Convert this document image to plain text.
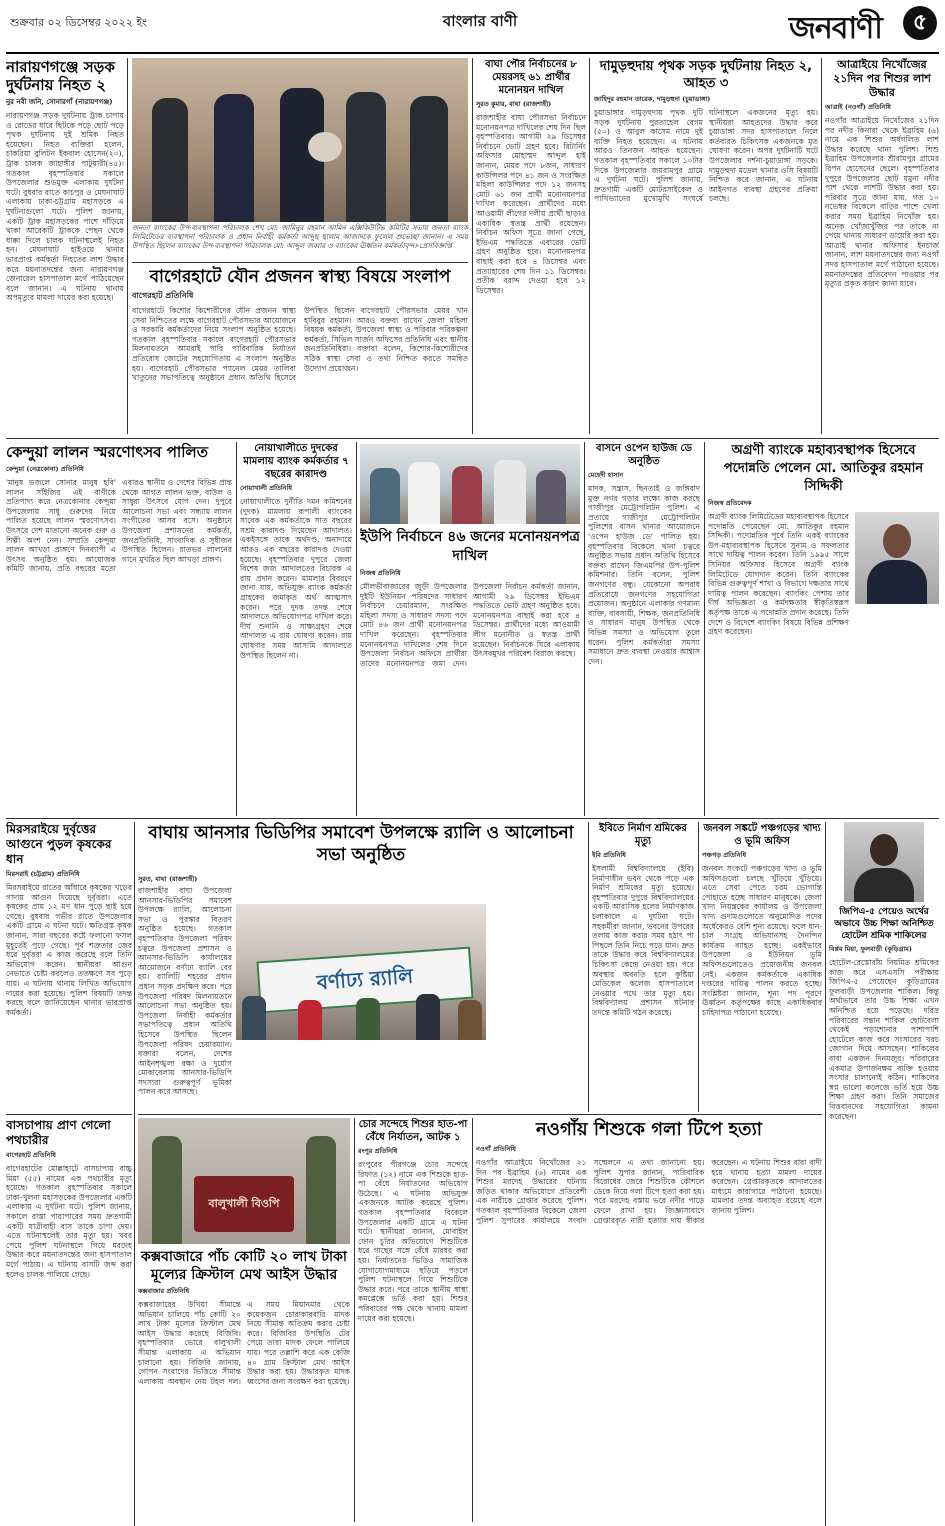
শুক্রবার ০২ ডিসেম্বর ২০২২ ইং	বাংলার বাণী	জনবাণী	৫
নারায়ণগঞ্জে সড়ক দুর্ঘটনায় নিহত ২
নুর নবী জনি, সোনারগাঁ (নারায়ণগঞ্জ)
নারায়ণগঞ্জ সড়ক দুর্ঘটনায় ট্রাক চাপায় ও রোডের ধারে ছিটকে পড়ে ছোট পড়ে পৃথক দুর্ঘটনায় দুই শ্রমিক নিহত হয়েছেন। নিহত ব্যক্তিরা হলেন, চাকরিয়া বুলিটন ইকবাল হোসেন(২০), ট্রাক চালক জাহাঙ্গীর পাটুয়ারী(৪৫)। গতকাল বৃহস্পতিবার সকালে উপজেলার শুভমুক্ত এলাকায় দুর্ঘটনা ঘটে। বুধবার রাতে কাচপুর ও মেঘনাঘাট এলাকায় ঢাকা-চট্টগ্রাম মহাসড়কে এ দুর্ঘটনাগুলো ঘটে। পুলিশ জানায়, একটি ট্রাক মহাসড়কের পাশে দাঁড়িয়ে থাকা আরেকটি ট্রাককে পেছন থেকে ধাক্কা দিলে চালক ঘটনাস্থলেই নিহত হন। মেঘনাঘাট হাইওয়ে থানার ভারপ্রাপ্ত কর্মকর্তা নিহতের লাশ উদ্ধার করে ময়নাতদন্তের জন্য নারায়ণগঞ্জ জেনারেল হাসপাতাল মর্গে পাঠিয়েছেন বলে জানান। এ ঘটনায় থানায় অপমৃত্যুর মামলা দায়ের করা হয়েছে।
জনতা ব্যাংকের উপ-ব্যবস্থাপনা পরিচালক শেখ মো: জামিনুর রহমান আমিন এক্সিকিউটিভ কমিটির সভায় জনতা ব্যাংক লিমিটেডের ব্যবস্থাপনা পরিচালক ও প্রধান নির্বাহী কর্মকর্তা আব্দুছ ছালাম আজাদকে ফুলেল শুভেচ্ছা জানান। এ সময় উপস্থিত ছিলেন ব্যাংকের উপ-ব্যবস্থাপনা পরিচালক মো: আব্দুল জব্বার ও ব্যাংকের ঊর্ধ্বতন কর্মকর্তাবৃন্দ।-প্রেসবিজ্ঞপ্তি
বাগেরহাটে যৌন প্রজনন স্বাস্থ্য বিষয়ে সংলাপ
বাগেরহাট প্রতিনিধি
বাগেরহাটে কিশোর কিশোরীদের যৌন প্রজনন স্বাস্থ্য সেবা নিশ্চিতের লক্ষে বাগেরহাট পৌরসভার আয়োজনে ও সরকারি কর্মকর্তাদের নিয়ে সংলাপ অনুষ্ঠিত হয়েছে। গতকাল বৃহস্পতিবার সকালে বাগেরহাট পৌরসভার মিলনায়তনে আমরাই পারি পারিবারিক নির্যাতন প্রতিরোধ জোটের সহযোগিতায় এ সংলাপ অনুষ্ঠিত হয়। বাগেরহাট পৌরসভার প্যানেল মেয়র তালিবা খাতুনের সভাপতিত্বে অনুষ্ঠানে প্রধান অতিথি হিসেবে উপস্থিত ছিলেন বাগেরহাট পৌরসভার মেয়র খান হাবিবুর রহমান। আরও বক্তব্য রাখেন জেলা মহিলা বিষয়ক কর্মকর্তা, উপজেলা স্বাস্থ্য ও পরিবার পরিকল্পনা কর্মকর্তা, সিভিল সার্জন অফিসের প্রতিনিধি এবং স্থানীয় জনপ্রতিনিধিরা। বক্তারা বলেন, কিশোর-কিশোরীদের সঠিক স্বাস্থ্য সেবা ও তথ্য নিশ্চিত করতে সমন্বিত উদ্যোগ প্রয়োজন।
বাঘা পৌর নির্বাচনের ৮ মেয়রসহ ৬১ প্রার্থীর মনোনয়ন দাখিল
সুরত কুমার, বাঘা (রাজশাহী)
রাজশাহীর বাঘা পৌরসভা নির্বাচনে মনোনয়নপত্র দাখিলের শেষ দিন ছিল বৃহস্পতিবার। আগামী ২৯ ডিসেম্বর নির্বাচনে ভোট গ্রহণ হবে। রিটার্নিং অফিসার মোহাম্মদ আব্দুল হাই জানান, মেয়র পদে ৮জন, সাধারণ কাউন্সিলর পদে ৪১ জন ও সংরক্ষিত মহিলা কাউন্সিলর পদে ১২ জনসহ মোট ৬১ জন প্রার্থী মনোনয়নপত্র দাখিল করেছেন। প্রার্থীদের মধ্যে আওয়ামী লীগের দলীয় প্রার্থী ছাড়াও একাধিক স্বতন্ত্র প্রার্থী রয়েছেন। নির্বাচন অফিস সূত্রে জানা গেছে, ইভিএম পদ্ধতিতে এবারের ভোট গ্রহণ অনুষ্ঠিত হবে। মনোনয়নপত্র বাছাই করা হবে ৪ ডিসেম্বর এবং প্রত্যাহারের শেষ দিন ১১ ডিসেম্বর। প্রতীক বরাদ্দ দেওয়া হবে ১২ ডিসেম্বর।
দামুড়হুদায় পৃথক সড়ক দুর্ঘটনায় নিহত ২, আহত ৩
জাহিদুর রহমান তারেক, দামুড়হুদা (চুয়াডাঙ্গা)
চুয়াডাঙ্গার দামুড়হুদায় পৃথক দুটি সড়ক দুর্ঘটনায় পুরতাহেল বেগম (৫০) ও আবুল কাসেম নামে দুই ব্যক্তি নিহত হয়েছেন। এ ঘটনায় আরও তিনজন আহত হয়েছেন। গতকাল বৃহস্পতিবার সকালে ১০টার দিকে উপজেলার জয়রামপুর গ্রামে এ দুর্ঘটনা ঘটে। পুলিশ জানায়, দ্রুতগামী একটি মোটরসাইকেল ও পাখিভ্যানের মুখোমুখি সংঘর্ষে ঘটনাস্থলে একজনের মৃত্যু হয়। স্থানীয়রা আহতদের উদ্ধার করে চুয়াডাঙ্গা সদর হাসপাতালে নিলে কর্তব্যরত চিকিৎসক একজনকে মৃত ঘোষণা করেন। অপর দুর্ঘটনাটি ঘটে উপজেলার দর্শনা-চুয়াডাঙ্গা সড়কে। দামুড়হুদা মডেল থানার ওসি বিষয়টি নিশ্চিত করে জানান, এ ঘটনায় আইনগত ব্যবস্থা গ্রহণের প্রক্রিয়া চলছে।
আত্রাইয়ে নিখোঁজের ২১দিন পর শিশুর লাশ উদ্ধার
আত্রাই (নওগাঁ) প্রতিনিধি
নওগাঁর আত্রাইয়ে নিখোঁজের ২১দিন পর নদীর কিনারা থেকে ইব্রাহিম (৬) নামে এক শিশুর অর্ধগলিত লাশ উদ্ধার করেছে থানা পুলিশ। শিশু ইব্রাহিম উপজেলার শ্রীরামপুর গ্রামের রিপন হোসেনের ছেলে। বৃহস্পতিবার দুপুরে উপজেলার ছোট যমুনা নদীর পাশ থেকে লাশটি উদ্ধার করা হয়। পরিবার সূত্রে জানা যায়, গত ১০ নভেম্বর বিকেলে বাড়ির পাশে খেলা করার সময় ইব্রাহিম নিখোঁজ হয়। অনেক খোঁজাখুঁজির পর তাকে না পেয়ে থানায় সাধারণ ডায়েরি করা হয়। আত্রাই থানার অফিসার ইনচার্জ জানান, লাশ ময়নাতদন্তের জন্য নওগাঁ সদর হাসপাতাল মর্গে পাঠানো হয়েছে। ময়নাতদন্তের প্রতিবেদন পাওয়ার পর মৃত্যুর প্রকৃত কারণ জানা যাবে।
কেন্দুয়া লালন স্মরণোৎসব পালিত
কেন্দুয়া (নেত্রকোনা) প্রতিনিধি
'মানুষ ভজলে সোনার মানুষ হবি' লালন সাঁইজির এই বাণীকে প্রতিপাদ্য করে নেত্রকোনার কেন্দুয়া উপজেলায় সাধু গুরুদের নিয়ে পালিত হয়েছে লালন স্মরণোৎসব। উৎসবে দেশ মাতানো অনেক গুরু ও শিল্পী অংশ নেন। সম্প্রতি কেন্দুয়া লালন আখড়া প্রাঙ্গণে দিনব্যাপী এ উৎসব অনুষ্ঠিত হয়। আয়োজক কমিটি জানায়, প্রতি বছরের মতো এবারও স্থানীয় ও দেশের বিভিন্ন প্রান্ত থেকে আগত লালন ভক্ত, বাউল ও সাধুরা উৎসবে যোগ দেন। দুপুরে আলোচনা সভা এবং সন্ধ্যায় লালন সংগীতের আসর বসে। অনুষ্ঠানে উপজেলা প্রশাসনের কর্মকর্তা, জনপ্রতিনিধি, সাংবাদিক ও সুধীজন উপস্থিত ছিলেন। রাতভর লালনের গানে মুখরিত ছিল আখড়া প্রাঙ্গণ।
নোয়াখালীতে দুদকের মামলায় ব্যাংক কর্মকর্তার ৭ বছরের কারাদণ্ড
নোয়াখালী প্রতিনিধি
নোয়াখালীতে দুর্নীতি দমন কমিশনের (দুদক) মামলায় রূপালী ব্যাংকের সাবেক এক কর্মকর্তাকে সাত বছরের সশ্রম কারাদণ্ড দিয়েছেন আদালত। একইসঙ্গে তাকে অর্থদণ্ড, অনাদায়ে আরও এক বছরের কারাদণ্ড দেওয়া হয়েছে। বৃহস্পতিবার দুপুরে জেলা বিশেষ জজ আদালতের বিচারক এ রায় প্রদান করেন। মামলার বিবরণে জানা যায়, অভিযুক্ত ব্যাংক কর্মকর্তা গ্রাহকের জমাকৃত অর্থ আত্মসাৎ করেন। পরে দুদক তদন্ত শেষে আদালতে অভিযোগপত্র দাখিল করে। দীর্ঘ শুনানি ও সাক্ষ্যগ্রহণ শেষে আদালত এ রায় ঘোষণা করেন। রায় ঘোষণার সময় আসামি আদালতে উপস্থিত ছিলেন না।
ইউপি নির্বাচনে ৪৬ জনের মনোনয়নপত্র দাখিল
নিজস্ব প্রতিনিধি
মৌলভীবাজারের জুড়ী উপজেলার দুইটি ইউনিয়ন পরিষদের সাধারণ নির্বাচনে চেয়ারম্যান, সংরক্ষিত মহিলা সদস্য ও সাধারণ সদস্য পদে মোট ৪৬ জন প্রার্থী মনোনয়নপত্র দাখিল করেছেন। বৃহস্পতিবার মনোনয়নপত্র দাখিলের শেষ দিনে উপজেলা নির্বাচন অফিসে প্রার্থীরা তাদের মনোনয়নপত্র জমা দেন। উপজেলা নির্বাচন কর্মকর্তা জানান, আগামী ২৯ ডিসেম্বর ইভিএম পদ্ধতিতে ভোট গ্রহণ অনুষ্ঠিত হবে। মনোনয়নপত্র বাছাই করা হবে ৪ ডিসেম্বর। প্রার্থীদের মধ্যে আওয়ামী লীগ মনোনীত ও স্বতন্ত্র প্রার্থী রয়েছেন। নির্বাচনকে ঘিরে এলাকায় উৎসবমুখর পরিবেশ বিরাজ করছে।
বাসনে ওপেন হাউজ ডে অনুষ্ঠিত
মেহেদী হাসান
মাদক, সন্ত্রাস, ছিনতাই ও জঙ্গিবাদ মুক্ত নগর গড়ার লক্ষ্যে কাজ করছে গাজীপুর মেট্রোপলিটন পুলিশ। এ প্রত্যয়ে গাজীপুর মেট্রোপলিটন পুলিশের বাসন থানার আয়োজনে 'ওপেন হাউজ ডে' পালিত হয়। বৃহস্পতিবার বিকেলে থানা চত্বরে অনুষ্ঠিত সভায় প্রধান অতিথি হিসেবে বক্তব্য রাখেন জিএমপির উপ-পুলিশ কমিশনার। তিনি বলেন, পুলিশ জনগণের বন্ধু। যেকোনো অপরাধ প্রতিরোধে জনগণের সহযোগিতা প্রয়োজন। অনুষ্ঠানে এলাকার গণমান্য ব্যক্তি, ব্যবসায়ী, শিক্ষক, জনপ্রতিনিধি ও সাধারণ মানুষ উপস্থিত থেকে বিভিন্ন সমস্যা ও অভিযোগ তুলে ধরেন। পুলিশ কর্মকর্তারা সমস্যা সমাধানে দ্রুত ব্যবস্থা নেওয়ার আশ্বাস দেন।
অগ্রণী ব্যাংকে মহাব্যবস্থাপক হিসেবে পদোন্নতি পেলেন মো. আতিকুর রহমান সিদ্দিকী
নিজস্ব প্রতিবেদক
অগ্রণী ব্যাংক লিমিটেডের মহাব্যবস্থাপক হিসেবে পদোন্নতি পেয়েছেন মো. আতিকুর রহমান সিদ্দিকী। পদোন্নতির পূর্বে তিনি একই ব্যাংকের উপ-মহাব্যবস্থাপক হিসেবে সুনাম ও সফলতার সাথে দায়িত্ব পালন করেন। তিনি ১৯৯৫ সালে সিনিয়র অফিসার হিসেবে অগ্রণী ব্যাংক লিমিটেডে যোগদান করেন। তিনি ব্যাংকের বিভিন্ন গুরুত্বপূর্ণ শাখা ও বিভাগে দক্ষতার সাথে দায়িত্ব পালন করেছেন। ব্যাংকিং পেশায় তার দীর্ঘ অভিজ্ঞতা ও কর্মদক্ষতার স্বীকৃতিস্বরূপ কর্তৃপক্ষ তাকে এ পদোন্নতি প্রদান করেছে। তিনি দেশে ও বিদেশে ব্যাংকিং বিষয়ে বিভিন্ন প্রশিক্ষণ গ্রহণ করেছেন।
মিরসরাইয়ে দুর্বৃত্তের আগুনে পুড়ল কৃষকের ধান
মিরসরাই (চট্টগ্রাম) প্রতিনিধি
মিরসরাইয়ে রাতের আঁধারে কৃষকের খড়ের গাদায় আগুন দিয়েছে দুর্বৃত্তরা। এতে কৃষকের প্রায় ১২ মণ ধান পুড়ে ছাই হয়ে গেছে। বুধবার গভীর রাতে উপজেলার একটি গ্রামে এ ঘটনা ঘটে। ক্ষতিগ্রস্ত কৃষক জানান, সারা বছরের কষ্টে ফলানো ফসল মুহূর্তেই পুড়ে গেছে। পূর্ব শত্রুতার জের ধরে দুর্বৃত্তরা এ কাজ করেছে বলে তিনি অভিযোগ করেন। স্থানীয়রা আগুন নেভাতে চেষ্টা করলেও ততক্ষণে সব পুড়ে যায়। এ ঘটনায় থানায় লিখিত অভিযোগ দায়ের করা হয়েছে। পুলিশ বিষয়টি তদন্ত করছে বলে জানিয়েছেন থানার ভারপ্রাপ্ত কর্মকর্তা।
বাঘায় আনসার ভিডিপির সমাবেশ উপলক্ষে র‍্যালি ও আলোচনা সভা অনুষ্ঠিত
সুরত, বাঘা (রাজশাহী)
রাজশাহীর বাঘা উপজেলা আনসার-ভিডিপির সমাবেশ উপলক্ষে র‍্যালি, আলোচনা সভা ও পুরস্কার বিতরণ অনুষ্ঠিত হয়েছে। গতকাল বৃহস্পতিবার উপজেলা পরিষদ চত্বরে উপজেলা প্রশাসন ও আনসার-ভিডিপি কার্যালয়ের আয়োজনে বর্ণাঢ্য র‍্যালি বের হয়। র‍্যালিটি শহরের প্রধান প্রধান সড়ক প্রদক্ষিণ করে। পরে উপজেলা পরিষদ মিলনায়তনে আলোচনা সভা অনুষ্ঠিত হয়। উপজেলা নির্বাহী কর্মকর্তার সভাপতিত্বে প্রধান অতিথি হিসেবে উপস্থিত ছিলেন উপজেলা পরিষদ চেয়ারম্যান। বক্তারা বলেন, দেশের আইনশৃঙ্খলা রক্ষা ও দুর্যোগ মোকাবেলায় আনসার-ভিডিপি সদস্যরা গুরুত্বপূর্ণ ভূমিকা পালন করে আসছে।
বর্ণাঢ্য র‍্যালি
ইবিতে নির্মাণ শ্রমিকের মৃত্যু
ইবি প্রতিনিধি
ইসলামী বিশ্ববিদ্যালয়ে (ইবি) নির্মাণাধীন ভবন থেকে পড়ে এক নির্মাণ শ্রমিকের মৃত্যু হয়েছে। বৃহস্পতিবার দুপুরে বিশ্ববিদ্যালয়ের একটি আবাসিক হলের নির্মাণকাজ চলাকালে এ দুর্ঘটনা ঘটে। সহকর্মীরা জানান, ভবনের উপরের তলায় কাজ করার সময় হঠাৎ পা পিছলে তিনি নিচে পড়ে যান। দ্রুত তাকে উদ্ধার করে বিশ্ববিদ্যালয়ের চিকিৎসা কেন্দ্রে নেওয়া হয়। পরে অবস্থার অবনতি হলে কুষ্টিয়া মেডিকেল কলেজ হাসপাতালে নেওয়ার পথে তার মৃত্যু হয়। বিশ্ববিদ্যালয় প্রশাসন ঘটনার তদন্তে কমিটি গঠন করেছে।
জনবল সঙ্কটে পঞ্চগড়ের খাদ্য ও ভূমি অফিস
পঞ্চগড় প্রতিনিধি
জনবল সংকটে পঞ্চগড়ের খাদ্য ও ভূমি অফিসগুলো চলছে খুঁড়িয়ে খুঁড়িয়ে। এতে সেবা পেতে চরম ভোগান্তি পোহাতে হচ্ছে সাধারণ মানুষকে। জেলা খাদ্য নিয়ন্ত্রকের কার্যালয় ও উপজেলা খাদ্য গুদামগুলোতে অনুমোদিত পদের অর্ধেকেরও বেশি শূন্য রয়েছে। ফলে ধান-চাল সংগ্রহ অভিযানসহ দৈনন্দিন কার্যক্রম ব্যাহত হচ্ছে। একইভাবে উপজেলা ও ইউনিয়ন ভূমি অফিসগুলোতেও প্রয়োজনীয় জনবল নেই। একজন কর্মকর্তাকে একাধিক দপ্তরের দায়িত্ব পালন করতে হচ্ছে। সংশ্লিষ্টরা জানান, শূন্য পদ পূরণে ঊর্ধ্বতন কর্তৃপক্ষের কাছে একাধিকবার চাহিদাপত্র পাঠানো হয়েছে।
জিপিএ-৫ পেয়েও অর্থের অভাবে উচ্চ শিক্ষা অনিশ্চিত হোটেল শ্রমিক শাকিলের
বিপ্লব মিয়া, ফুলবাড়ী (কুড়িগ্রাম)
হোটেল-রেস্তোরাঁয় নিয়মিত শ্রমিকের কাজ করে এসএসসি পরীক্ষায় জিপিএ-৫ পেয়েছেন কুড়িগ্রামের ফুলবাড়ী উপজেলার শাকিল। কিন্তু অর্থাভাবে তার উচ্চ শিক্ষা এখন অনিশ্চিত হয়ে পড়েছে। দরিদ্র পরিবারের সন্তান শাকিল ছোটবেলা থেকেই পড়াশোনার পাশাপাশি হোটেলে কাজ করে সংসারের খরচ জোগান দিয়ে আসছেন। শাকিলের বাবা একজন দিনমজুর। পরিবারের একমাত্র উপার্জনক্ষম ব্যক্তি হওয়ায় সংসার চালানোই কঠিন। শাকিলের স্বপ্ন ভালো কলেজে ভর্তি হয়ে উচ্চ শিক্ষা গ্রহণ করা। তিনি সমাজের বিত্তবানদের সহযোগিতা কামনা করেছেন।
বাসচাপায় প্রাণ গেলো পথচারীর
বাগেরহাট প্রতিনিধি
বাগেরহাটের মোল্লাহাটে বাসচাপায় বাচ্চু মিয়া (৫৫) নামের এক পথচারীর মৃত্যু হয়েছে। গতকাল বৃহস্পতিবার সকালে ঢাকা-খুলনা মহাসড়কের উপজেলার একটি এলাকায় এ দুর্ঘটনা ঘটে। পুলিশ জানায়, সকালে রাস্তা পারাপারের সময় দ্রুতগামী একটি যাত্রীবাহী বাস তাকে চাপা দেয়। এতে ঘটনাস্থলেই তার মৃত্যু হয়। খবর পেয়ে পুলিশ ঘটনাস্থলে গিয়ে মরদেহ উদ্ধার করে ময়নাতদন্তের জন্য হাসপাতাল মর্গে পাঠায়। এ ঘটনায় বাসটি জব্দ করা হলেও চালক পালিয়ে গেছে।
বালুখালী বিওপি
কক্সবাজারে পাঁচ কোটি ২০ লাখ টাকা মূল্যের ক্রিস্টাল মেথ আইস উদ্ধার
কক্সবাজার প্রতিনিধি
কক্সবাজারের উখিয়া সীমান্তে অভিযান চালিয়ে পাঁচ কোটি ২০ লাখ টাকা মূল্যের ক্রিস্টাল মেথ আইস উদ্ধার করেছে বিজিবি। বৃহস্পতিবার ভোরে বালুখালী সীমান্ত এলাকায় এ অভিযান চালানো হয়। বিজিবি জানায়, গোপন সংবাদের ভিত্তিতে সীমান্ত এলাকায় অবস্থান নেয় টহল দল। এ সময় মিয়ানমার থেকে কয়েকজন চোরাকারবারি মাদক নিয়ে সীমান্ত অতিক্রম করার চেষ্টা করে। বিজিবির উপস্থিতি টের পেয়ে তারা মাদক ফেলে পালিয়ে যায়। পরে তল্লাশি করে এক কেজি ৪০ গ্রাম ক্রিস্টাল মেথ আইস উদ্ধার করা হয়। উদ্ধারকৃত মাদক ধ্বংসের জন্য সংরক্ষণ করা হয়েছে।
চোর সন্দেহে শিশুর হাত-পা বেঁধে নির্যাতন, আটক ১
রংপুর প্রতিনিধি
রংপুরের পীরগঞ্জে চোর সন্দেহে রিফাত (১২) নামে এক শিশুকে হাত-পা বেঁধে নির্যাতনের অভিযোগ উঠেছে। এ ঘটনায় অভিযুক্ত একজনকে আটক করেছে পুলিশ। গতকাল বৃহস্পতিবার বিকেলে উপজেলার একটি গ্রামে এ ঘটনা ঘটে। স্থানীয়রা জানান, মোবাইল ফোন চুরির অভিযোগে শিশুটিকে ধরে গাছের সঙ্গে বেঁধে মারধর করা হয়। নির্যাতনের ভিডিও সামাজিক যোগাযোগমাধ্যমে ছড়িয়ে পড়লে পুলিশ ঘটনাস্থলে গিয়ে শিশুটিকে উদ্ধার করে। পরে তাকে স্থানীয় স্বাস্থ্য কমপ্লেক্সে ভর্তি করা হয়। শিশুর পরিবারের পক্ষ থেকে থানায় মামলা দায়ের করা হয়েছে।
নওগাঁয় শিশুকে গলা টিপে হত্যা
নওগাঁ প্রতিনিধি
নওগাঁর আত্রাইয়ে নিখোঁজের ২১ দিন পর ইব্রাহিম (৬) নামের এক শিশুর মরদেহ উদ্ধারের ঘটনায় জড়িত থাকার অভিযোগে প্রতিবেশী এক নারীকে গ্রেপ্তার করেছে পুলিশ। গতকাল বৃহস্পতিবার বিকেলে জেলা পুলিশ সুপারের কার্যালয়ে সংবাদ সম্মেলনে এ তথ্য জানানো হয়। পুলিশ সুপার জানান, পারিবারিক বিরোধের জেরে শিশুটিকে কৌশলে ডেকে নিয়ে গলা টিপে হত্যা করা হয়। পরে মরদেহ বস্তায় ভরে নদীর পাড়ে ফেলে রাখা হয়। জিজ্ঞাসাবাদে গ্রেপ্তারকৃত নারী হত্যার দায় স্বীকার করেছেন। এ ঘটনায় শিশুর বাবা বাদী হয়ে থানায় হত্যা মামলা দায়ের করেছেন। গ্রেপ্তারকৃতকে আদালতের মাধ্যমে কারাগারে পাঠানো হয়েছে। মামলার তদন্ত অব্যাহত রয়েছে বলে জানায় পুলিশ।
